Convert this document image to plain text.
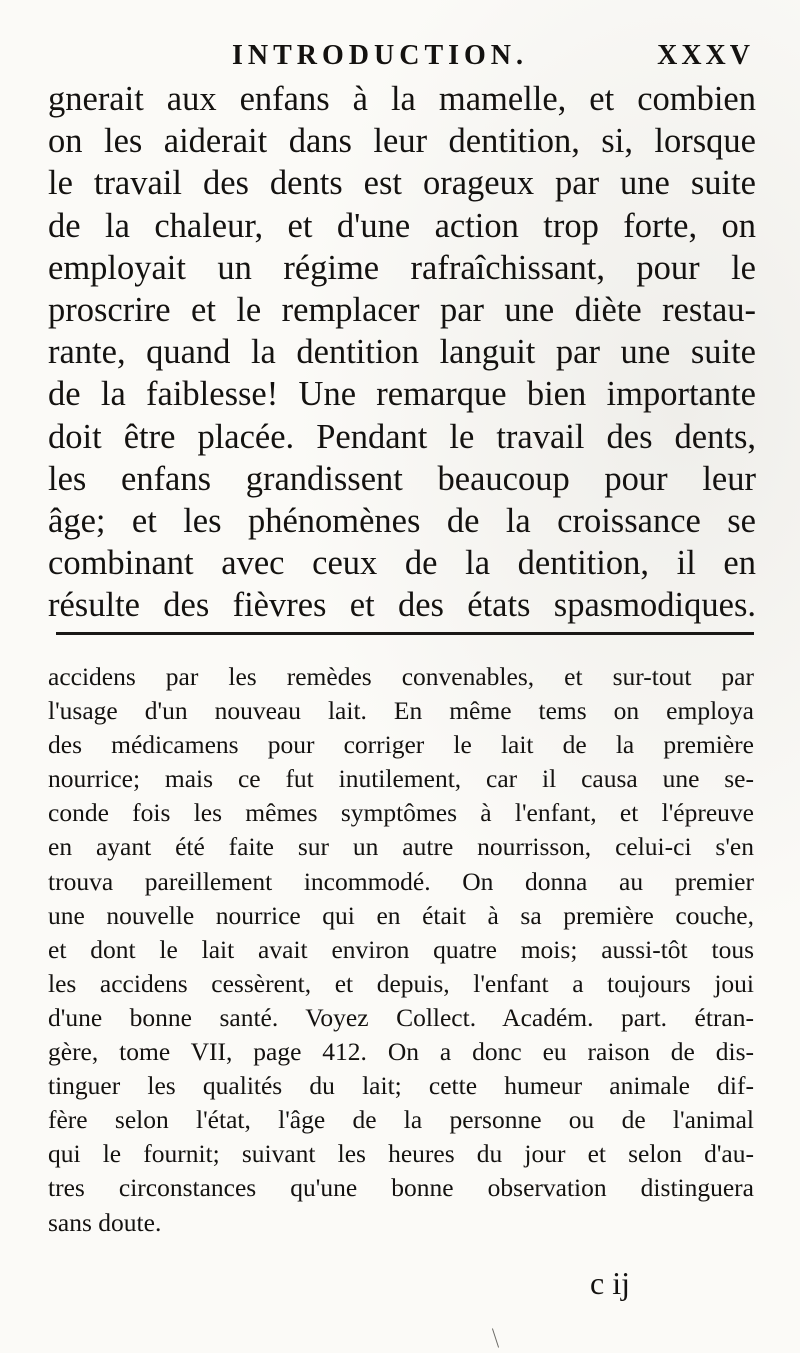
INTRODUCTION.	XXXV
gnerait aux enfans à la mamelle, et combien
on les aiderait dans leur dentition, si, lorsque
le travail des dents est orageux par une suite
de la chaleur, et d'une action trop forte, on
employait un régime rafraîchissant, pour le
proscrire et le remplacer par une diète restau-
rante, quand la dentition languit par une suite
de la faiblesse! Une remarque bien importante
doit être placée. Pendant le travail des dents,
les enfans grandissent beaucoup pour leur
âge; et les phénomènes de la croissance se
combinant avec ceux de la dentition, il en
résulte des fièvres et des états spasmodiques.
accidens par les remèdes convenables, et sur-tout par
l'usage d'un nouveau lait. En même tems on employa
des médicamens pour corriger le lait de la première
nourrice; mais ce fut inutilement, car il causa une se-
conde fois les mêmes symptômes à l'enfant, et l'épreuve
en ayant été faite sur un autre nourrisson, celui-ci s'en
trouva pareillement incommodé. On donna au premier
une nouvelle nourrice qui en était à sa première couche,
et dont le lait avait environ quatre mois; aussi-tôt tous
les accidens cessèrent, et depuis, l'enfant a toujours joui
d'une bonne santé. Voyez Collect. Académ. part. étran-
gère, tome VII, page 412. On a donc eu raison de dis-
tinguer les qualités du lait; cette humeur animale dif-
fère selon l'état, l'âge de la personne ou de l'animal
qui le fournit; suivant les heures du jour et selon d'au-
tres circonstances qu'une bonne observation distinguera
sans doute.
c ij
